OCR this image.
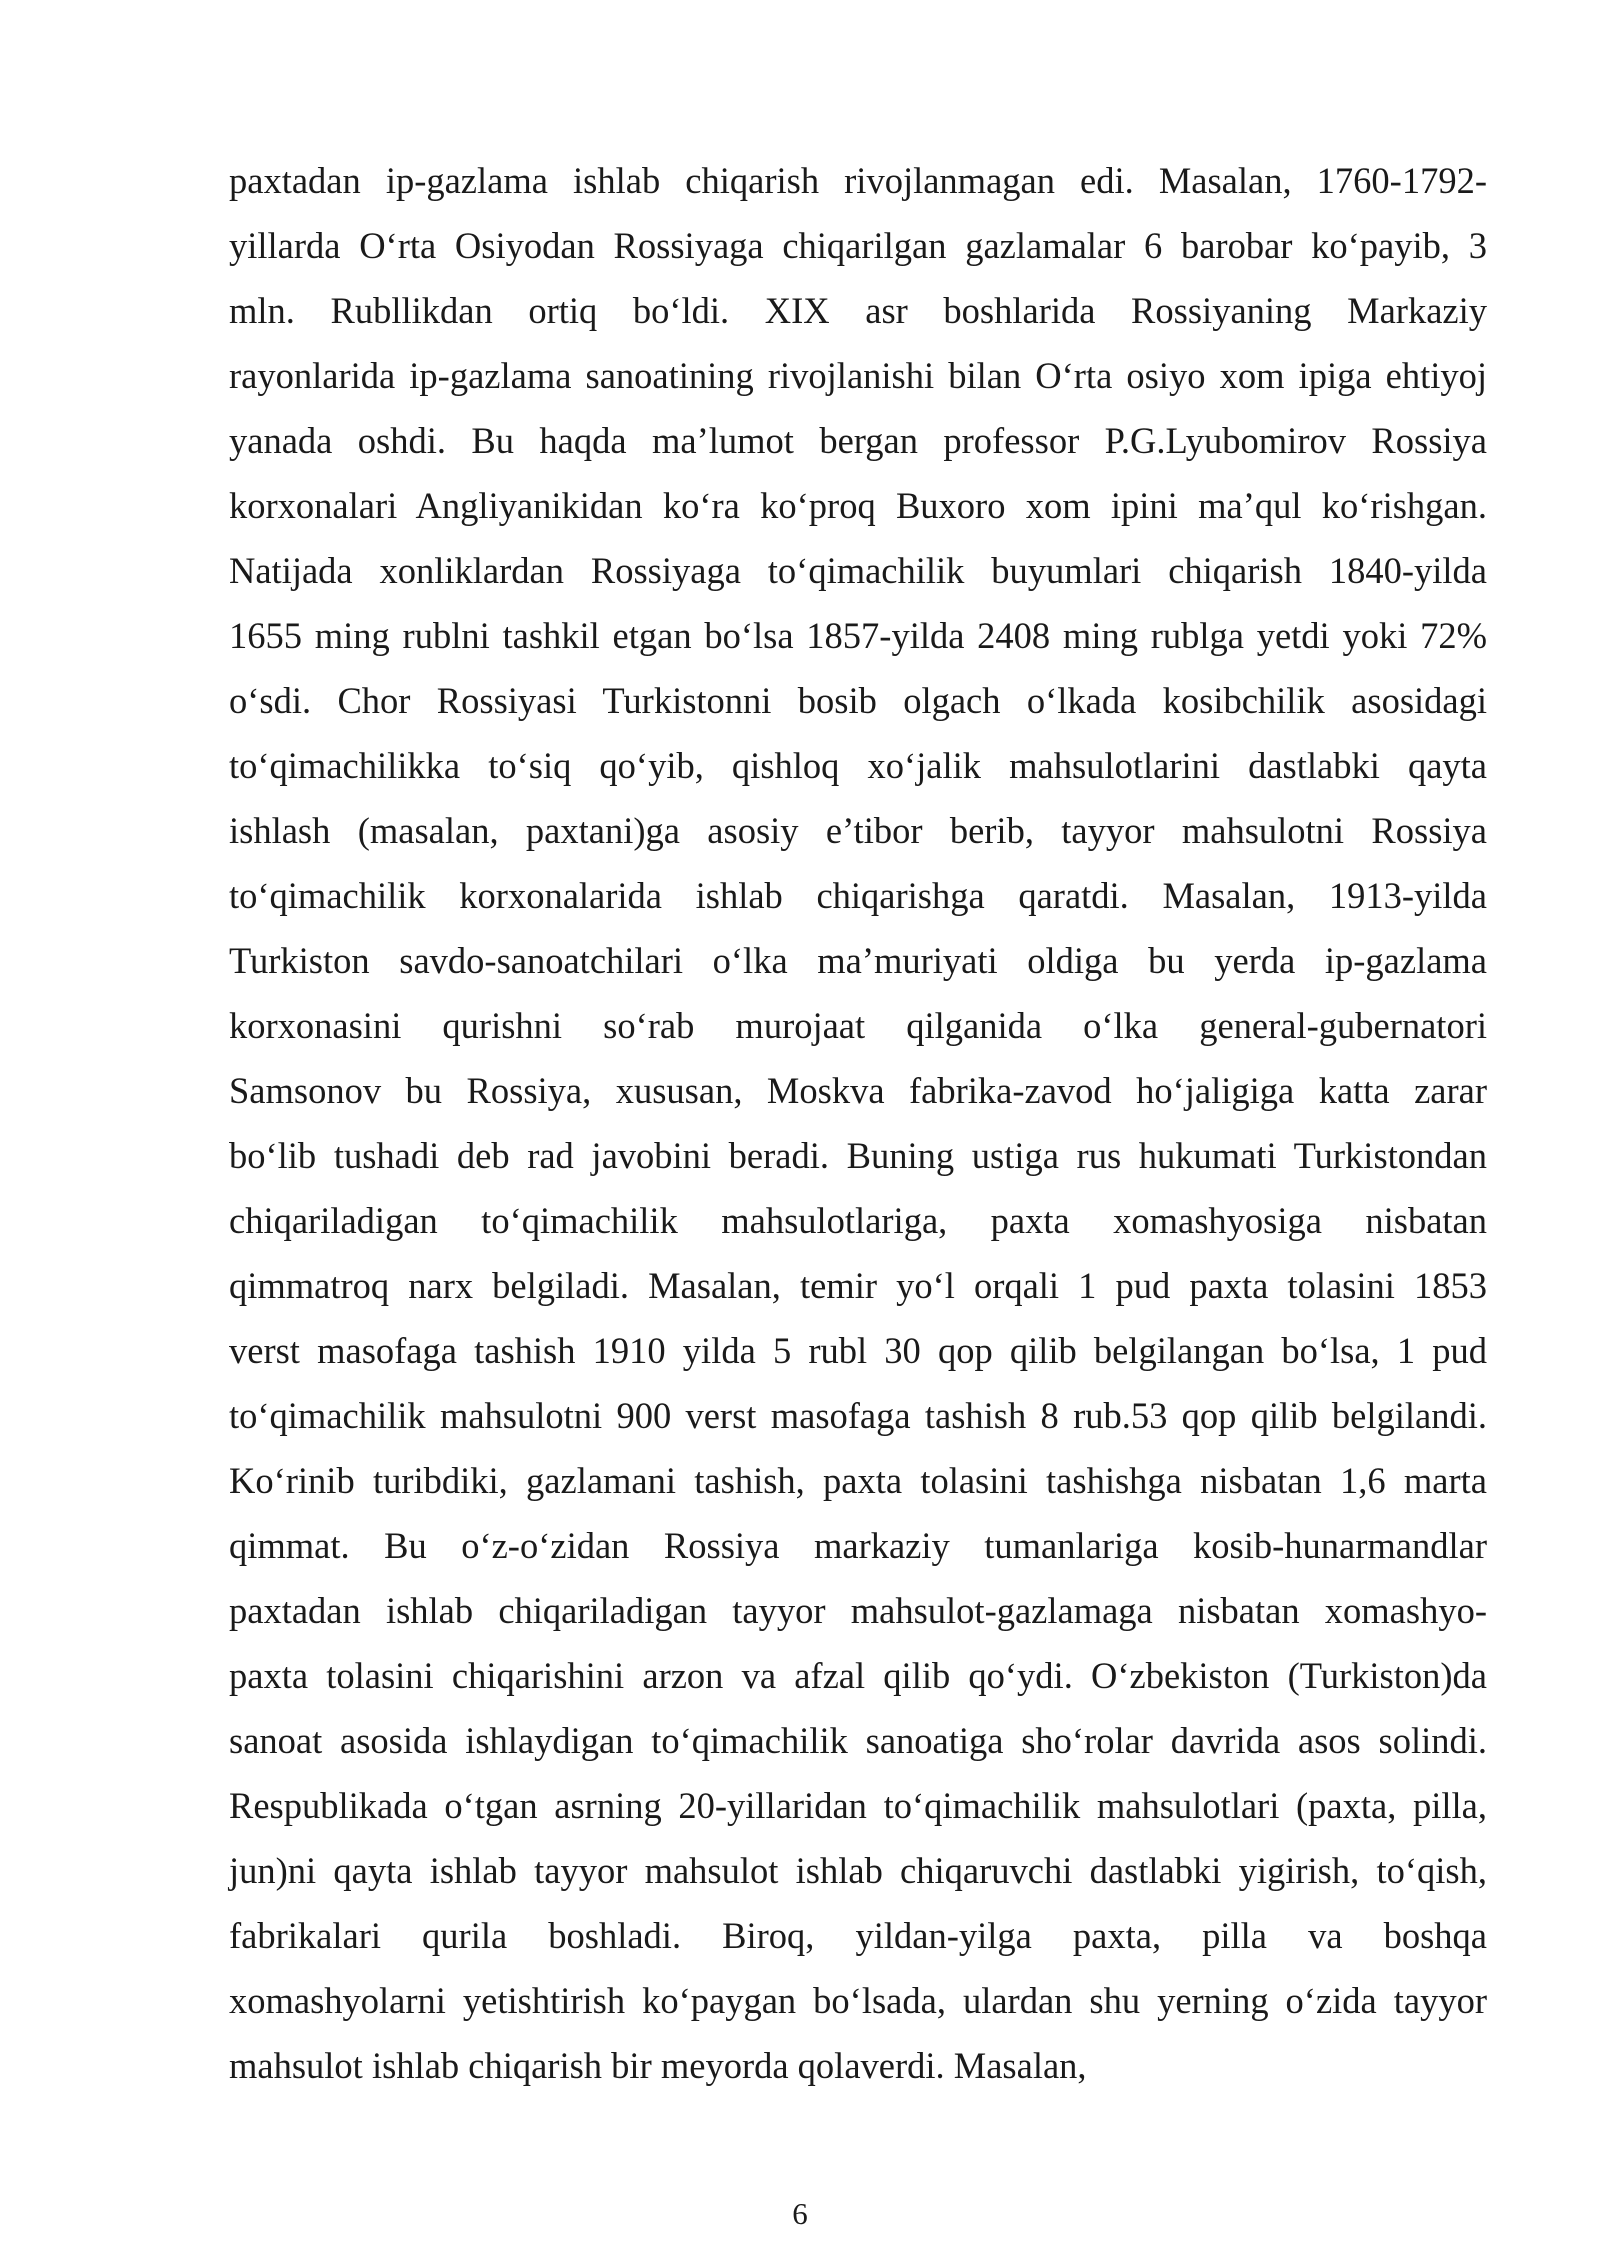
paxtadan ip-gazlama ishlab chiqarish rivojlanmagan edi. Masalan, 1760-1792-
yillarda O‘rta Osiyodan Rossiyaga chiqarilgan gazlamalar 6 barobar ko‘payib, 3
mln. Rubllikdan ortiq bo‘ldi. XIX asr boshlarida Rossiyaning Markaziy
rayonlarida ip-gazlama sanoatining rivojlanishi bilan O‘rta osiyo xom ipiga ehtiyoj
yanada oshdi. Bu haqda ma’lumot bergan professor P.G.Lyubomirov Rossiya
korxonalari Angliyanikidan ko‘ra ko‘proq Buxoro xom ipini ma’qul ko‘rishgan.
Natijada xonliklardan Rossiyaga to‘qimachilik buyumlari chiqarish 1840-yilda
1655 ming rublni tashkil etgan bo‘lsa 1857-yilda 2408 ming rublga yetdi yoki 72%
o‘sdi. Chor Rossiyasi Turkistonni bosib olgach o‘lkada kosibchilik asosidagi
to‘qimachilikka to‘siq qo‘yib, qishloq xo‘jalik mahsulotlarini dastlabki qayta
ishlash (masalan, paxtani)ga asosiy e’tibor berib, tayyor mahsulotni Rossiya
to‘qimachilik korxonalarida ishlab chiqarishga qaratdi. Masalan, 1913-yilda
Turkiston savdo-sanoatchilari o‘lka ma’muriyati oldiga bu yerda ip-gazlama
korxonasini qurishni so‘rab murojaat qilganida o‘lka general-gubernatori
Samsonov bu Rossiya, xususan, Moskva fabrika-zavod ho‘jaligiga katta zarar
bo‘lib tushadi deb rad javobini beradi. Buning ustiga rus hukumati Turkistondan
chiqariladigan to‘qimachilik mahsulotlariga, paxta xomashyosiga nisbatan
qimmatroq narx belgiladi. Masalan, temir yo‘l orqali 1 pud paxta tolasini 1853
verst masofaga tashish 1910 yilda 5 rubl 30 qop qilib belgilangan bo‘lsa, 1 pud
to‘qimachilik mahsulotni 900 verst masofaga tashish 8 rub.53 qop qilib belgilandi.
Ko‘rinib turibdiki, gazlamani tashish, paxta tolasini tashishga nisbatan 1,6 marta
qimmat. Bu o‘z-o‘zidan Rossiya markaziy tumanlariga kosib-hunarmandlar
paxtadan ishlab chiqariladigan tayyor mahsulot-gazlamaga nisbatan xomashyo-
paxta tolasini chiqarishini arzon va afzal qilib qo‘ydi. O‘zbekiston (Turkiston)da
sanoat asosida ishlaydigan to‘qimachilik sanoatiga sho‘rolar davrida asos solindi.
Respublikada o‘tgan asrning 20-yillaridan to‘qimachilik mahsulotlari (paxta, pilla,
jun)ni qayta ishlab tayyor mahsulot ishlab chiqaruvchi dastlabki yigirish, to‘qish,
fabrikalari qurila boshladi. Biroq, yildan-yilga paxta, pilla va boshqa
xomashyolarni yetishtirish ko‘paygan bo‘lsada, ulardan shu yerning o‘zida tayyor
mahsulot ishlab chiqarish bir meyorda qolaverdi. Masalan,
6
